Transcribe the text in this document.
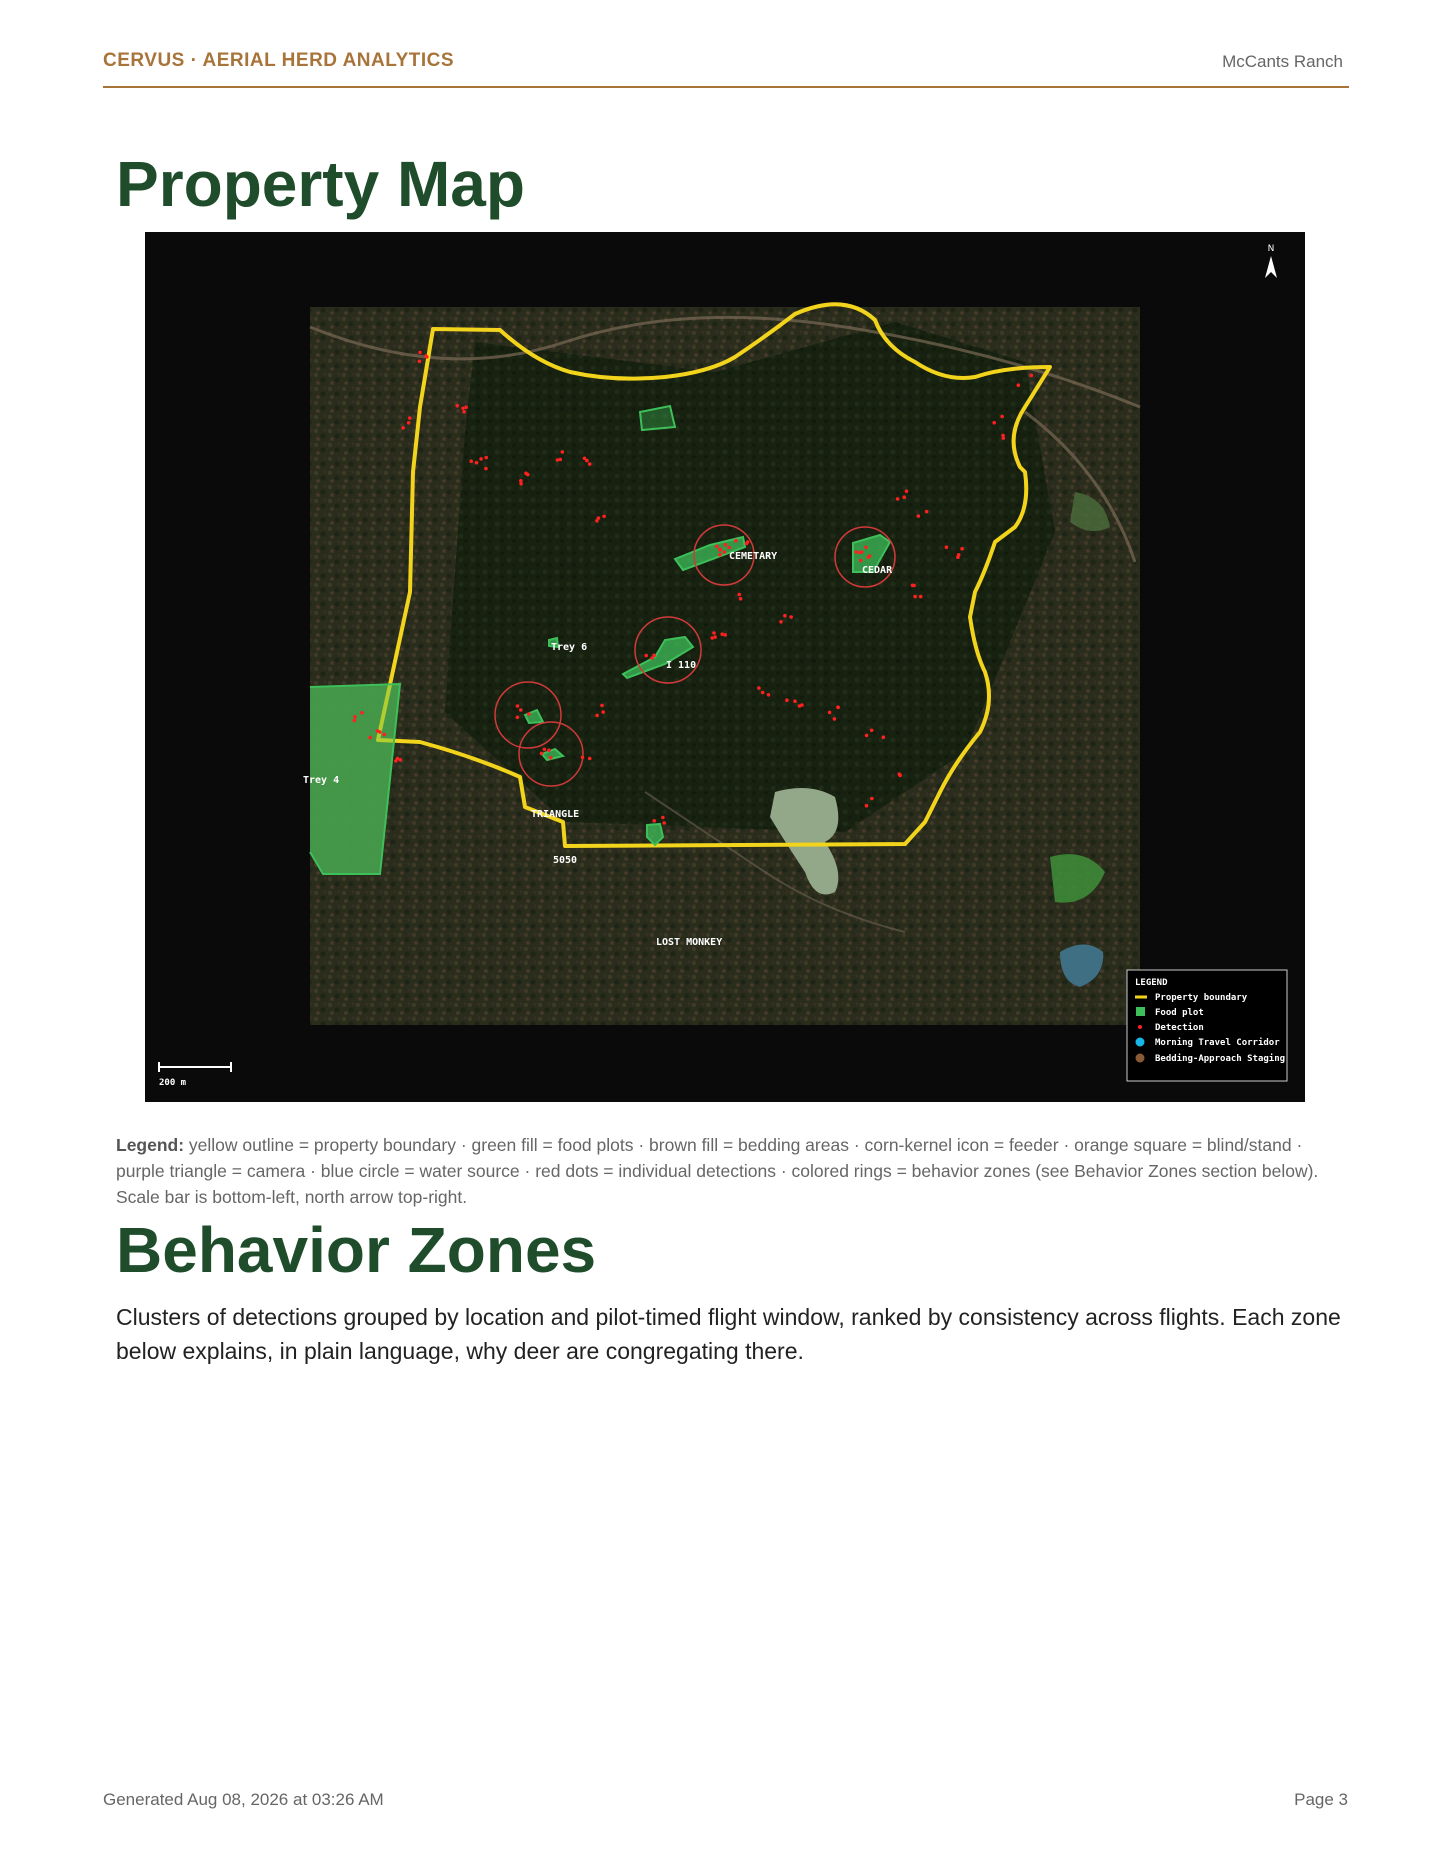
CERVUS · AERIAL HERD ANALYTICS	McCants Ranch
Property Map
CEMETARY
CEDAR
Trey 6
I 110
Trey 4
TRIANGLE
5050
LOST MONKEY
N
200 m
LEGEND
Property boundary
Food plot
Detection
Morning Travel Corridor
Bedding-Approach Staging
Legend: yellow outline = property boundary · green fill = food plots · brown fill = bedding areas · corn-kernel icon = feeder · orange square = blind/stand · purple triangle = camera · blue circle = water source · red dots = individual detections · colored rings = behavior zones (see Behavior Zones section below). Scale bar is bottom-left, north arrow top-right.
Behavior Zones
Clusters of detections grouped by location and pilot-timed flight window, ranked by consistency across flights. Each zone below explains, in plain language, why deer are congregating there.
Generated Aug 08, 2026 at 03:26 AM	Page 3
